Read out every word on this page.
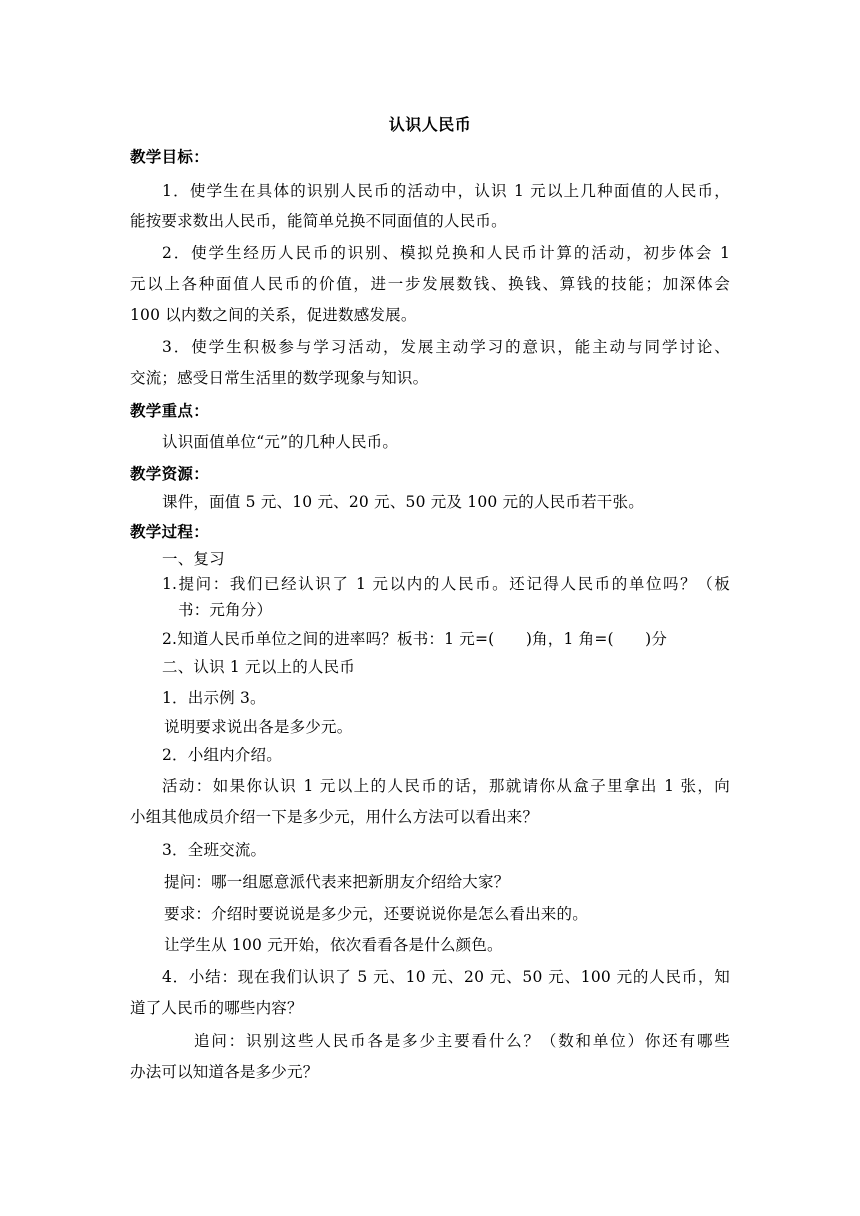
认识人民币
教学目标：
1．使学生在具体的识别人民币的活动中，认识 1 元以上几种面值的人民币，
能按要求数出人民币，能简单兑换不同面值的人民币。
2．使学生经历人民币的识别、模拟兑换和人民币计算的活动，初步体会 1
元以上各种面值人民币的价值，进一步发展数钱、换钱、算钱的技能；加深体会
100 以内数之间的关系，促进数感发展。
3．使学生积极参与学习活动，发展主动学习的意识，能主动与同学讨论、
交流；感受日常生活里的数学现象与知识。
教学重点：
认识面值单位“元”的几种人民币。
教学资源：
课件，面值 5 元、10 元、20 元、50 元及 100 元的人民币若干张。
教学过程：
一、复习
1.提问：我们已经认识了 1 元以内的人民币。还记得人民币的单位吗？（板
书：元角分）
2.知道人民币单位之间的进率吗？板书：1 元=(　　)角，1 角=(　　)分
二、认识 1 元以上的人民币
1．出示例 3。
说明要求说出各是多少元。
2．小组内介绍。
活动：如果你认识 1 元以上的人民币的话，那就请你从盒子里拿出 1 张，向
小组其他成员介绍一下是多少元，用什么方法可以看出来？
3．全班交流。
提问：哪一组愿意派代表来把新朋友介绍给大家？
要求：介绍时要说说是多少元，还要说说你是怎么看出来的。
让学生从 100 元开始，依次看看各是什么颜色。
4．小结：现在我们认识了 5 元、10 元、20 元、50 元、100 元的人民币，知
道了人民币的哪些内容？
追问：识别这些人民币各是多少主要看什么？（数和单位）你还有哪些
办法可以知道各是多少元？
